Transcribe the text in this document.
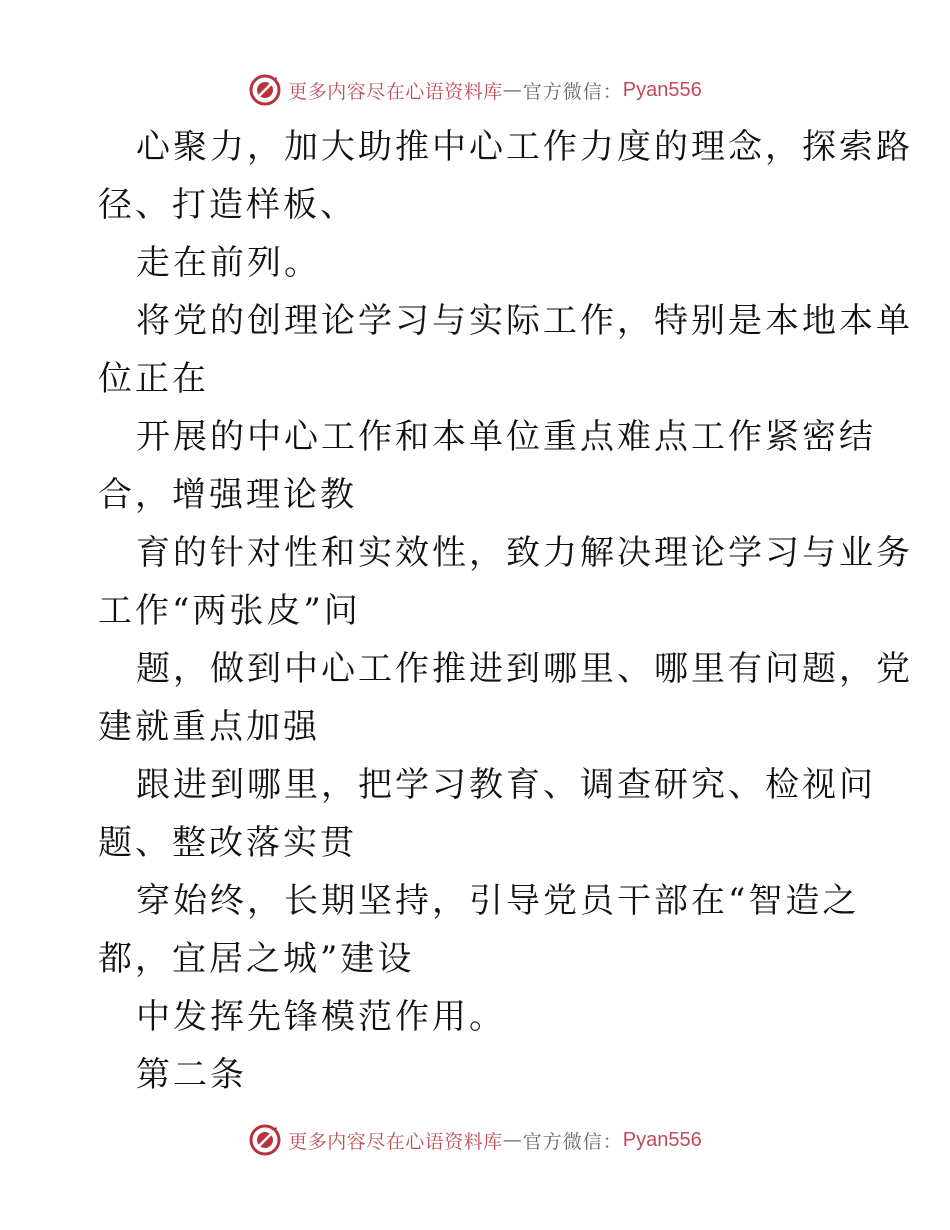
更多内容尽在心语资料库 — 官方微信： Pyan556
心聚力，加大助推中心工作力度的理念，探索路
径、打造样板、
走在前列。
将党的创理论学习与实际工作，特别是本地本单
位正在
开展的中心工作和本单位重点难点工作紧密结
合，增强理论教
育的针对性和实效性，致力解决理论学习与业务
工作“两张皮”问
题，做到中心工作推进到哪里、哪里有问题，党
建就重点加强
跟进到哪里，把学习教育、调查研究、检视问
题、整改落实贯
穿始终，长期坚持，引导党员干部在“智造之
都，宜居之城”建设
中发挥先锋模范作用。
第二条
更多内容尽在心语资料库 — 官方微信： Pyan556
